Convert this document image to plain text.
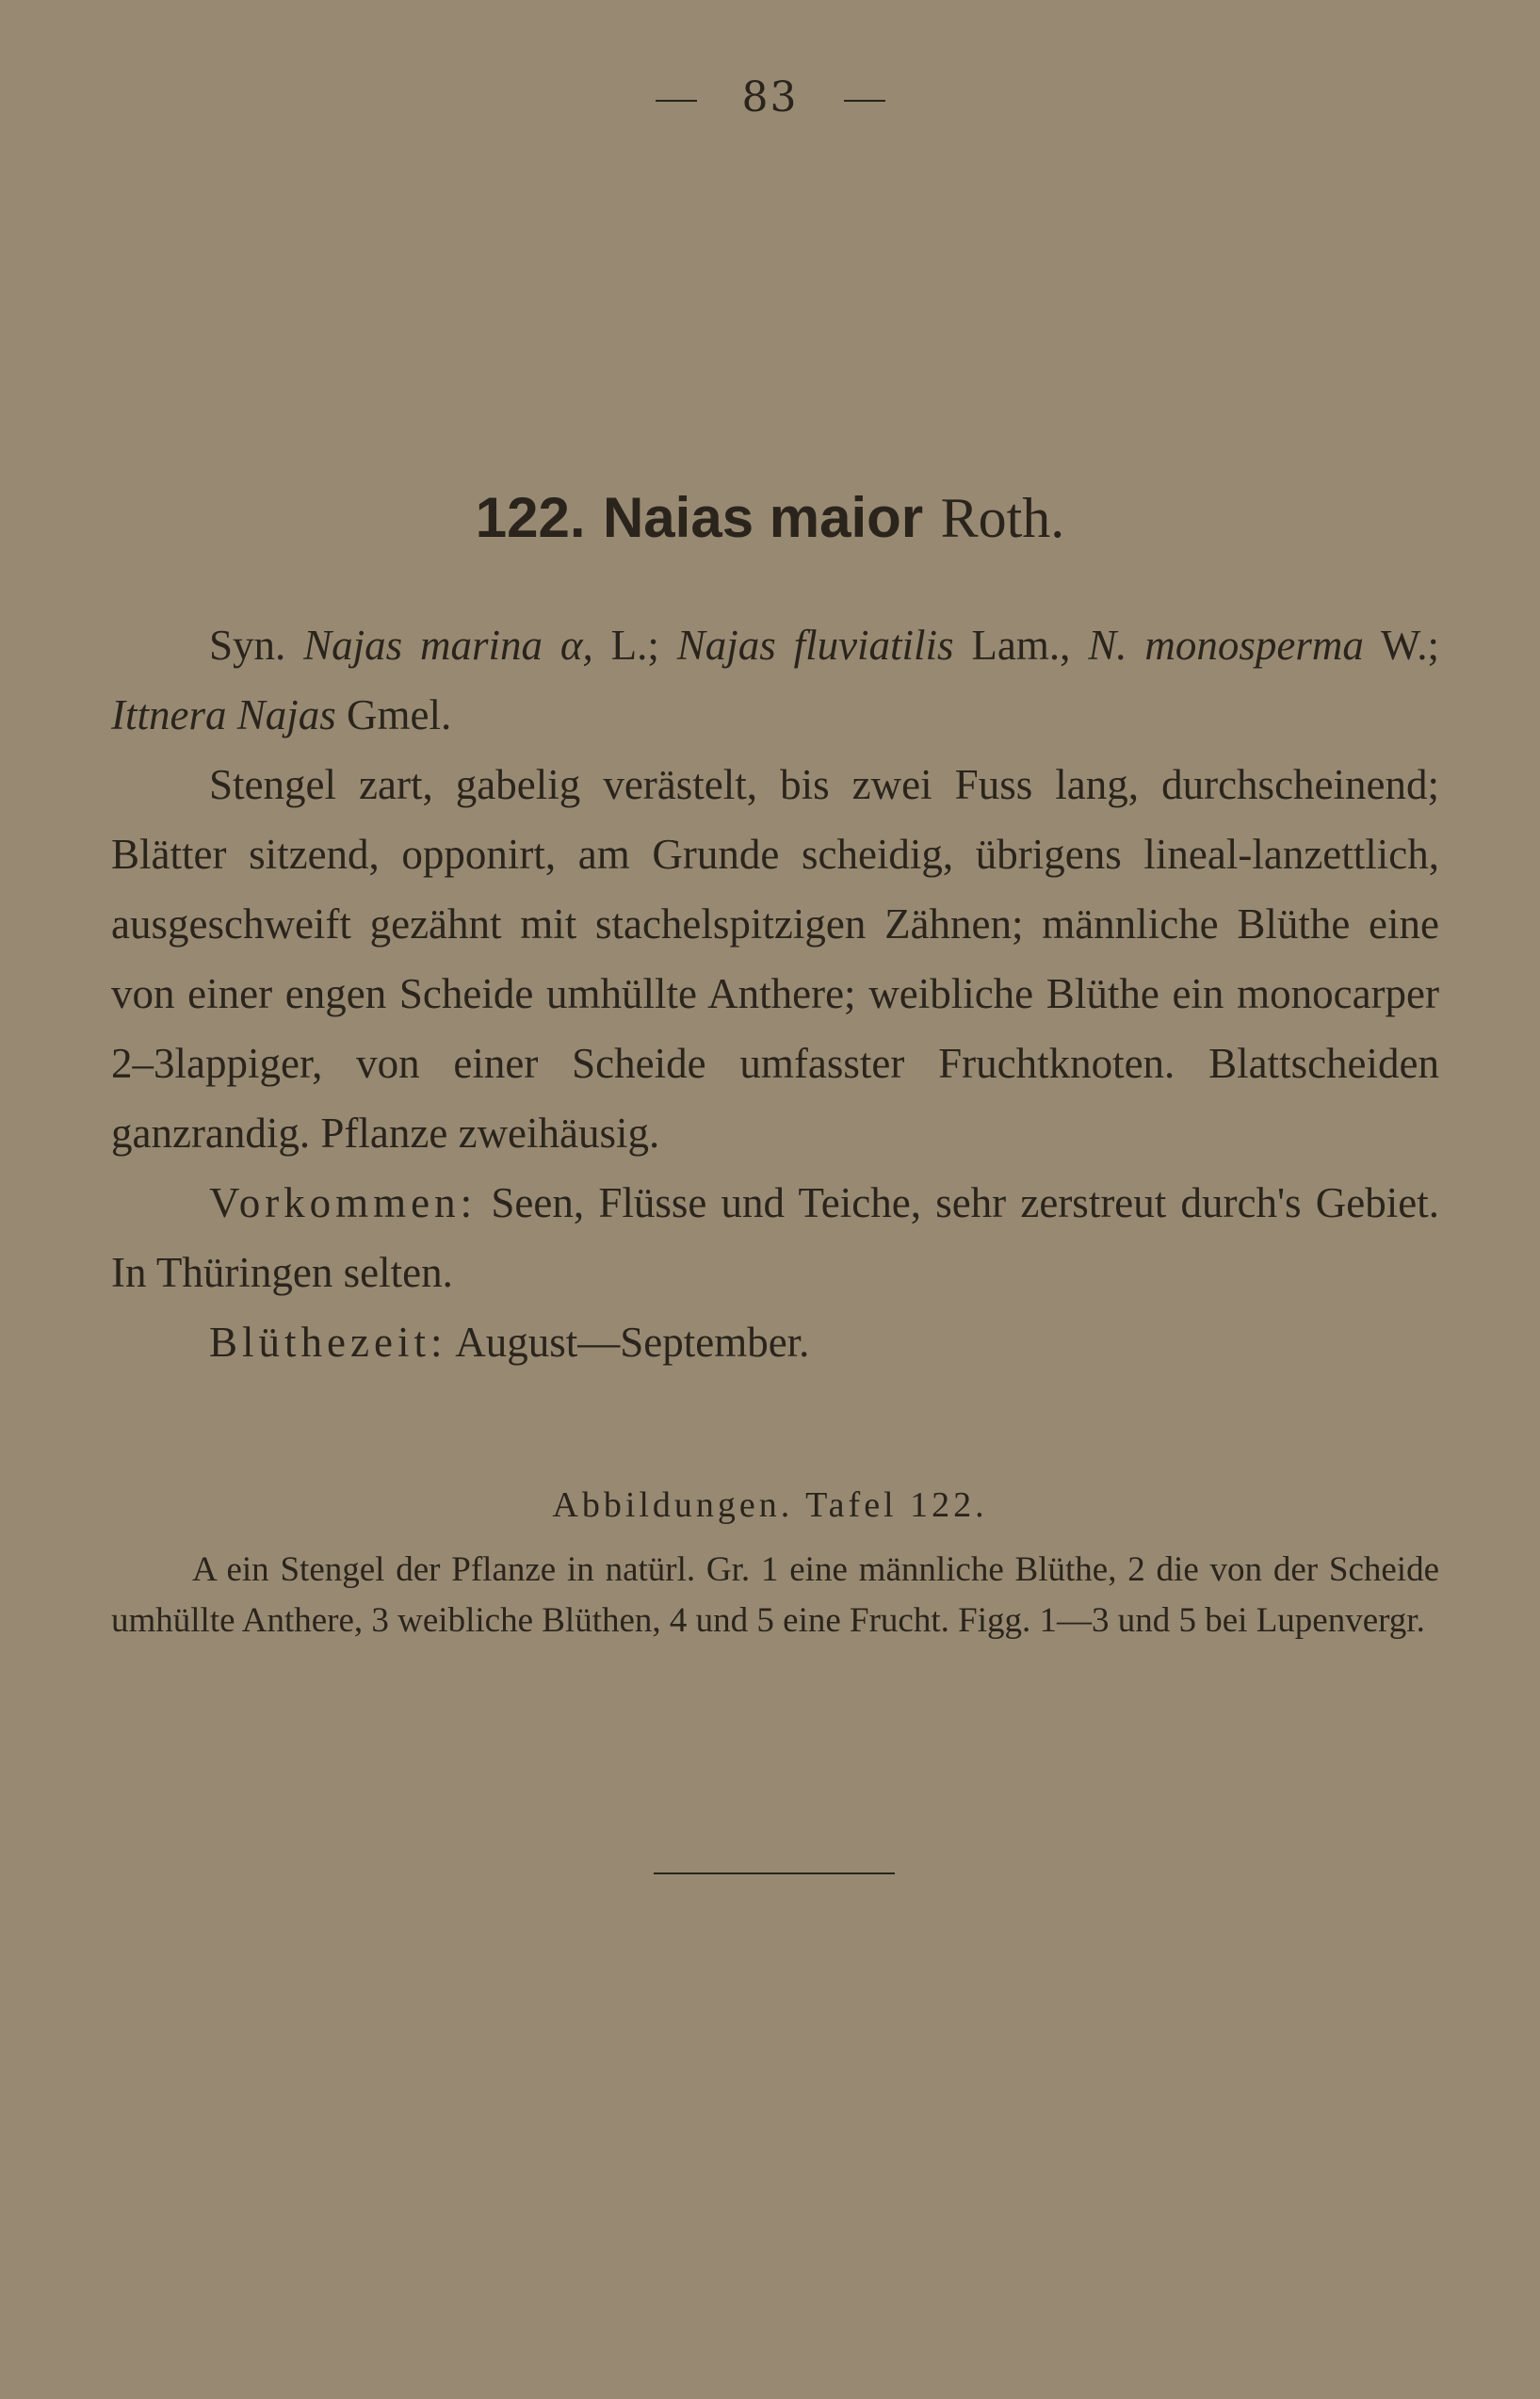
83
122. Naias maior Roth.

Syn. Najas marina α, L.; Najas fluviatilis Lam., N. monosperma W.; Ittnera Najas Gmel.

Stengel zart, gabelig verästelt, bis zwei Fuss lang, durchscheinend; Blätter sitzend, opponirt, am Grunde scheidig, übrigens lineal-lanzettlich, ausgeschweift gezähnt mit stachelspitzigen Zähnen; männliche Blüthe eine von einer engen Scheide umhüllte Anthere; weibliche Blüthe ein monocarper 2–3lappiger, von einer Scheide umfasster Fruchtknoten. Blattscheiden ganzrandig. Pflanze zweihäusig.

Vorkommen: Seen, Flüsse und Teiche, sehr zerstreut durch's Gebiet. In Thüringen selten.

Blüthezeit: August—September.

Abbildungen. Tafel 122.

A ein Stengel der Pflanze in natürl. Gr. 1 eine männliche Blüthe, 2 die von der Scheide umhüllte Anthere, 3 weibliche Blüthen, 4 und 5 eine Frucht. Figg. 1—3 und 5 bei Lupenvergr.
